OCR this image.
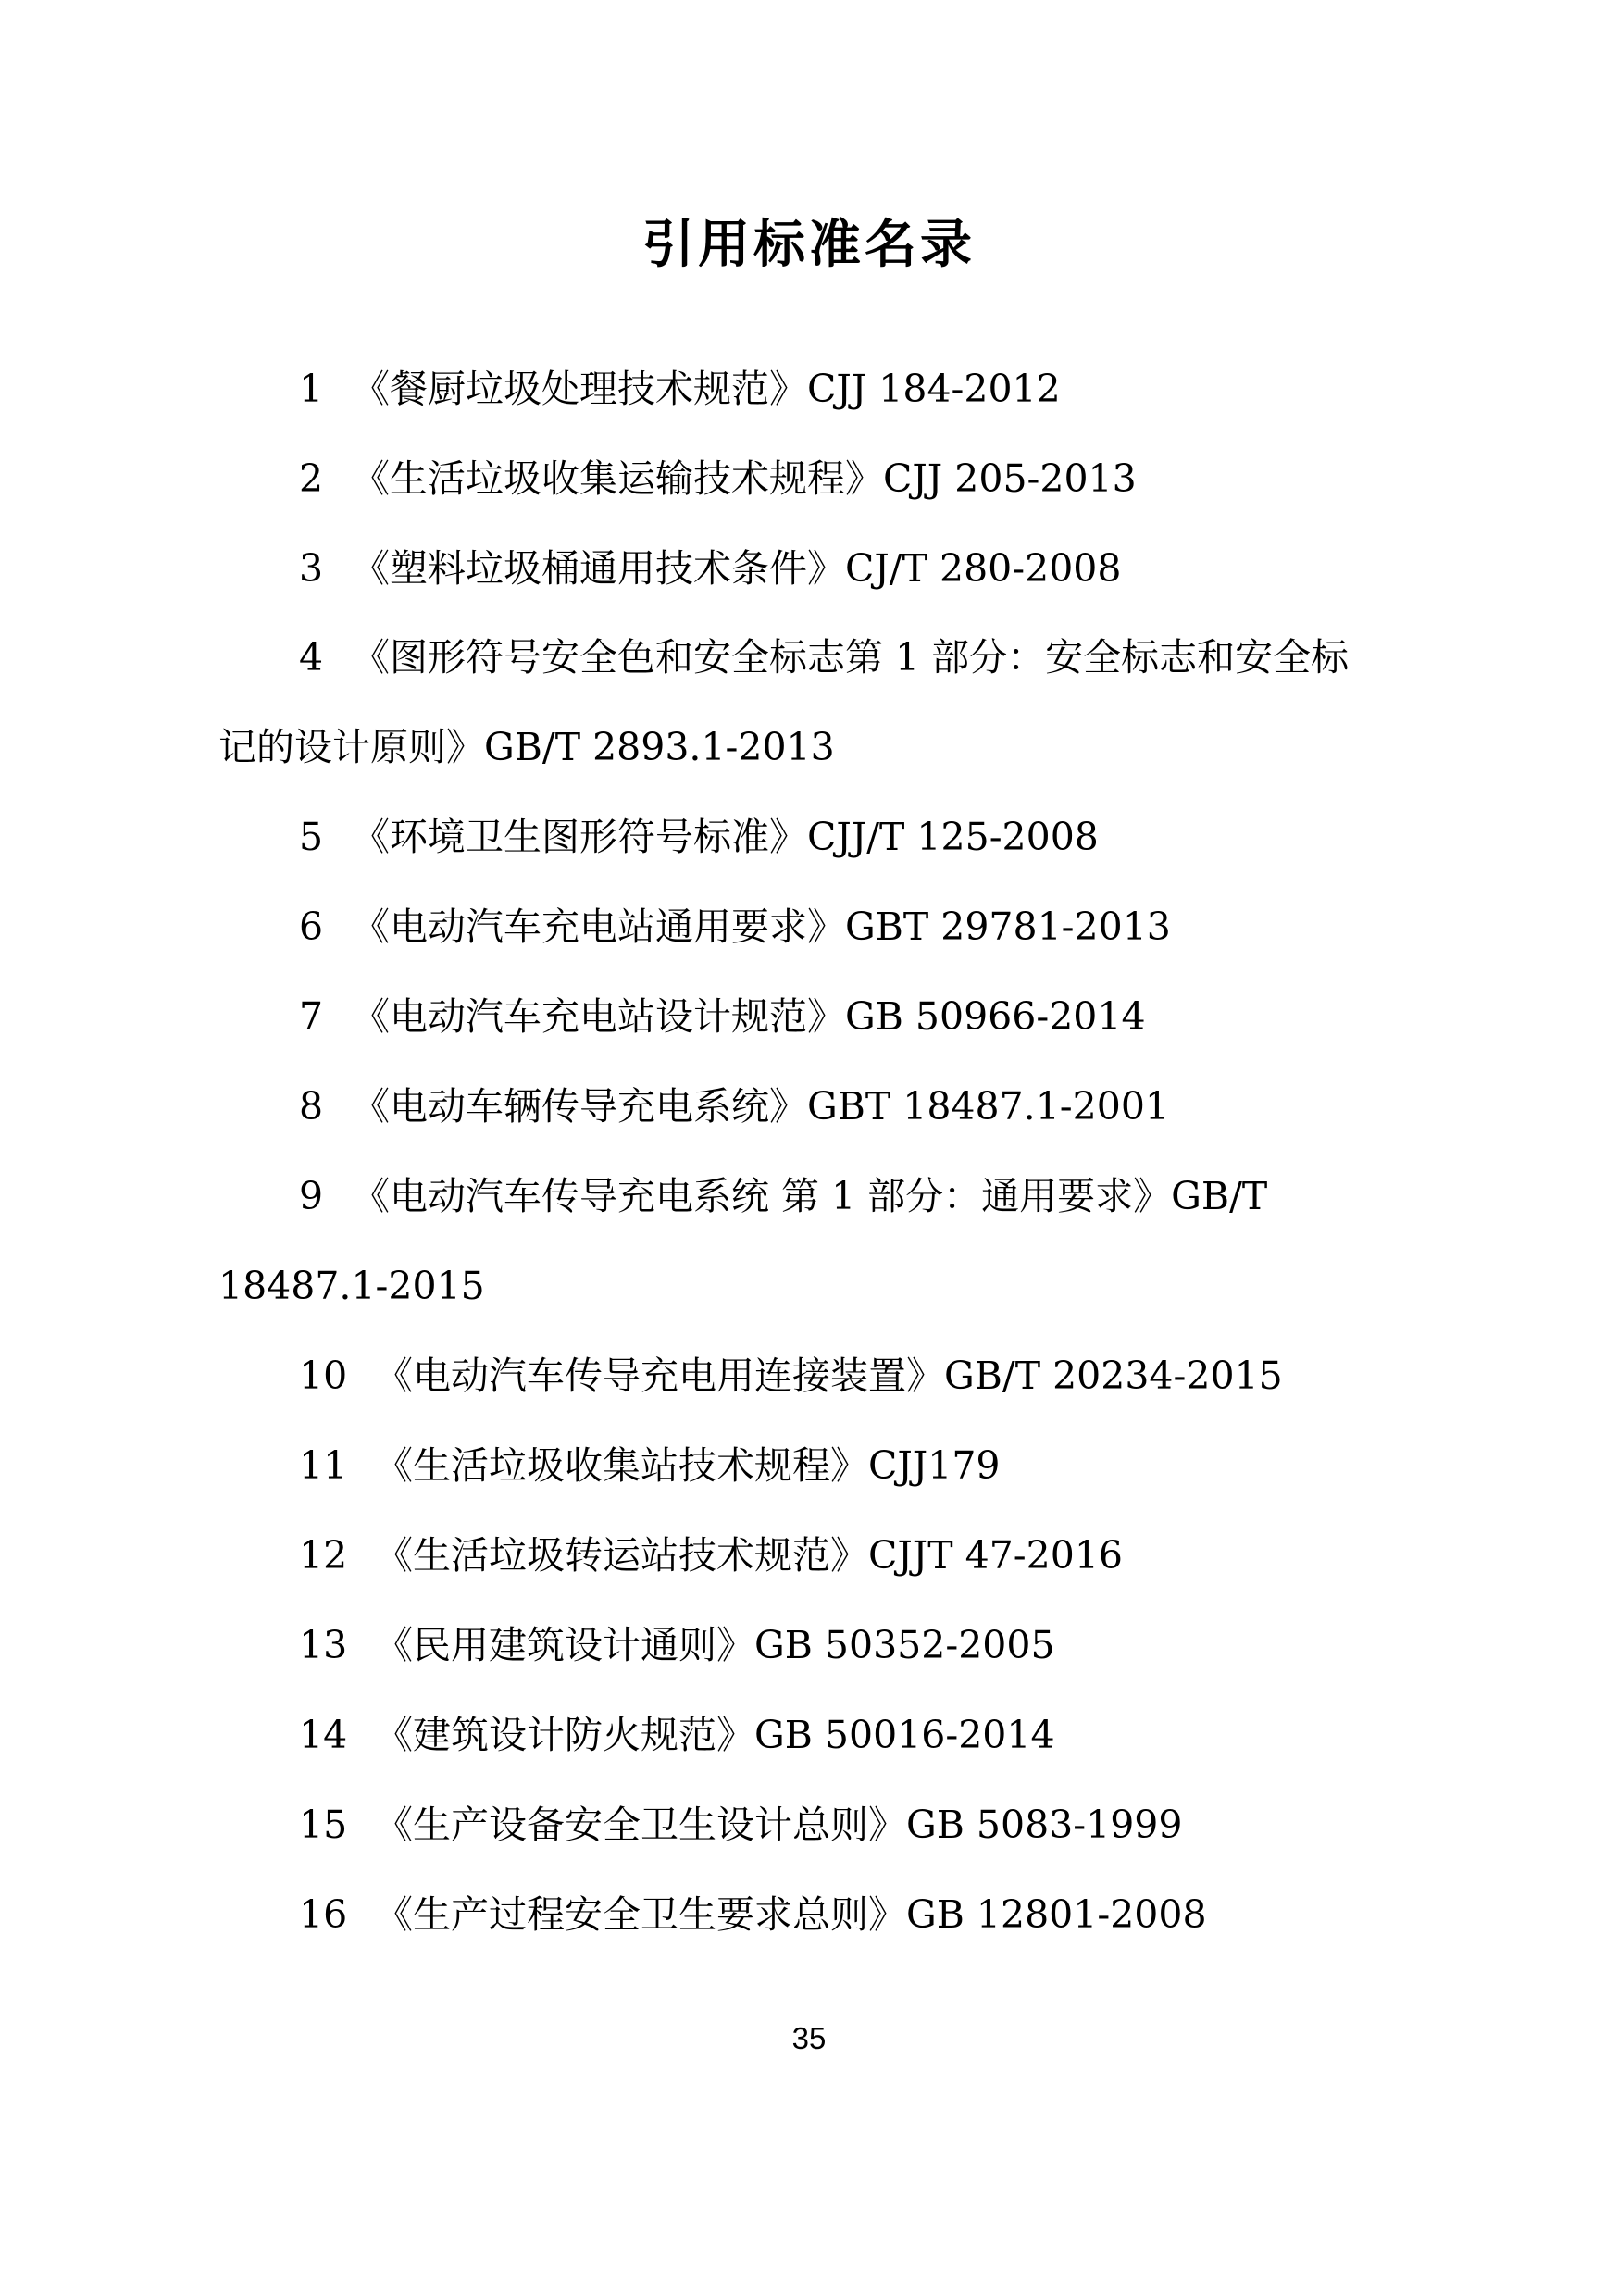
引用标准名录
1 《餐厨垃圾处理技术规范》CJJ 184-2012
2 《生活垃圾收集运输技术规程》CJJ 205-2013
3 《塑料垃圾桶通用技术条件》CJ/T 280-2008
4 《图形符号安全色和安全标志第 1 部分：安全标志和安全标
记的设计原则》GB/T 2893.1-2013
5 《环境卫生图形符号标准》CJJ/T 125-2008
6 《电动汽车充电站通用要求》GBT 29781-2013
7 《电动汽车充电站设计规范》GB 50966-2014
8 《电动车辆传导充电系统》GBT 18487.1-2001
9 《电动汽车传导充电系统 第 1 部分：通用要求》GB/T
18487.1-2015
10 《电动汽车传导充电用连接装置》GB/T 20234-2015
11 《生活垃圾收集站技术规程》CJJ179
12 《生活垃圾转运站技术规范》CJJT 47-2016
13 《民用建筑设计通则》GB 50352-2005
14 《建筑设计防火规范》GB 50016-2014
15 《生产设备安全卫生设计总则》GB 5083-1999
16 《生产过程安全卫生要求总则》GB 12801-2008
35
